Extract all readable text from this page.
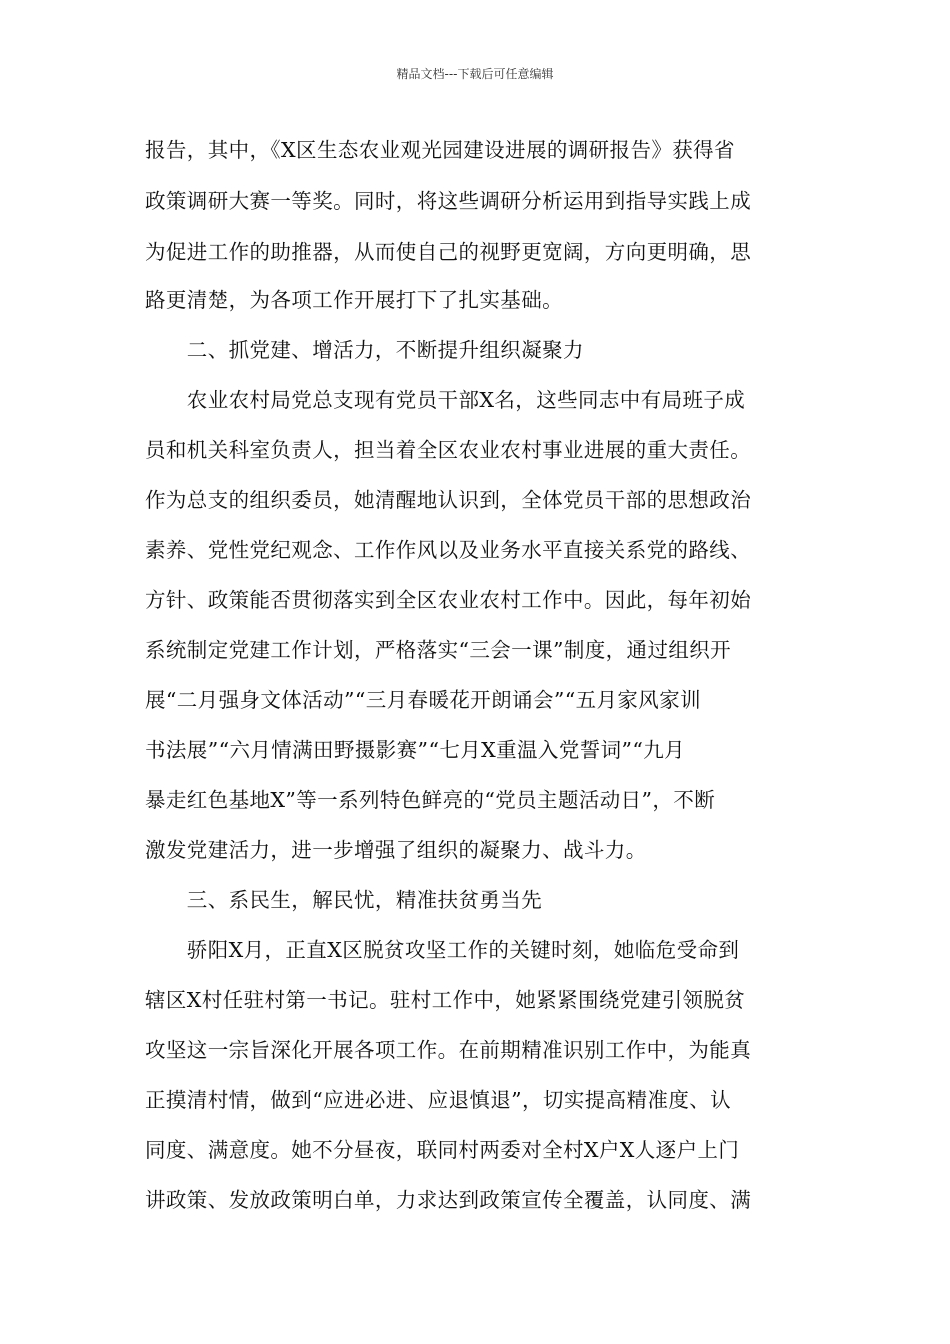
精品文档---下载后可任意编辑
报告，其中，《X区生态农业观光园建设进展的调研报告》获得省
政策调研大赛一等奖。同时，将这些调研分析运用到指导实践上成
为促进工作的助推器，从而使自己的视野更宽阔，方向更明确，思
路更清楚，为各项工作开展打下了扎实基础。
　　二、抓党建、增活力，不断提升组织凝聚力
　　农业农村局党总支现有党员干部X名，这些同志中有局班子成
员和机关科室负责人，担当着全区农业农村事业进展的重大责任。
作为总支的组织委员，她清醒地认识到，全体党员干部的思想政治
素养、党性党纪观念、工作作风以及业务水平直接关系党的路线、
方针、政策能否贯彻落实到全区农业农村工作中。因此，每年初始
系统制定党建工作计划，严格落实“三会一课”制度，通过组织开
展“二月强身文体活动”“三月春暖花开朗诵会”“五月家风家训
书法展”“六月情满田野摄影赛”“七月X重温入党誓词”“九月
暴走红色基地X”等一系列特色鲜亮的“党员主题活动日”，不断
激发党建活力，进一步增强了组织的凝聚力、战斗力。
　　三、系民生，解民忧，精准扶贫勇当先
　　骄阳X月，正直X区脱贫攻坚工作的关键时刻，她临危受命到
辖区X村任驻村第一书记。驻村工作中，她紧紧围绕党建引领脱贫
攻坚这一宗旨深化开展各项工作。在前期精准识别工作中，为能真
正摸清村情，做到“应进必进、应退慎退”，切实提高精准度、认
同度、满意度。她不分昼夜，联同村两委对全村X户X人逐户上门
讲政策、发放政策明白单，力求达到政策宣传全覆盖，认同度、满
